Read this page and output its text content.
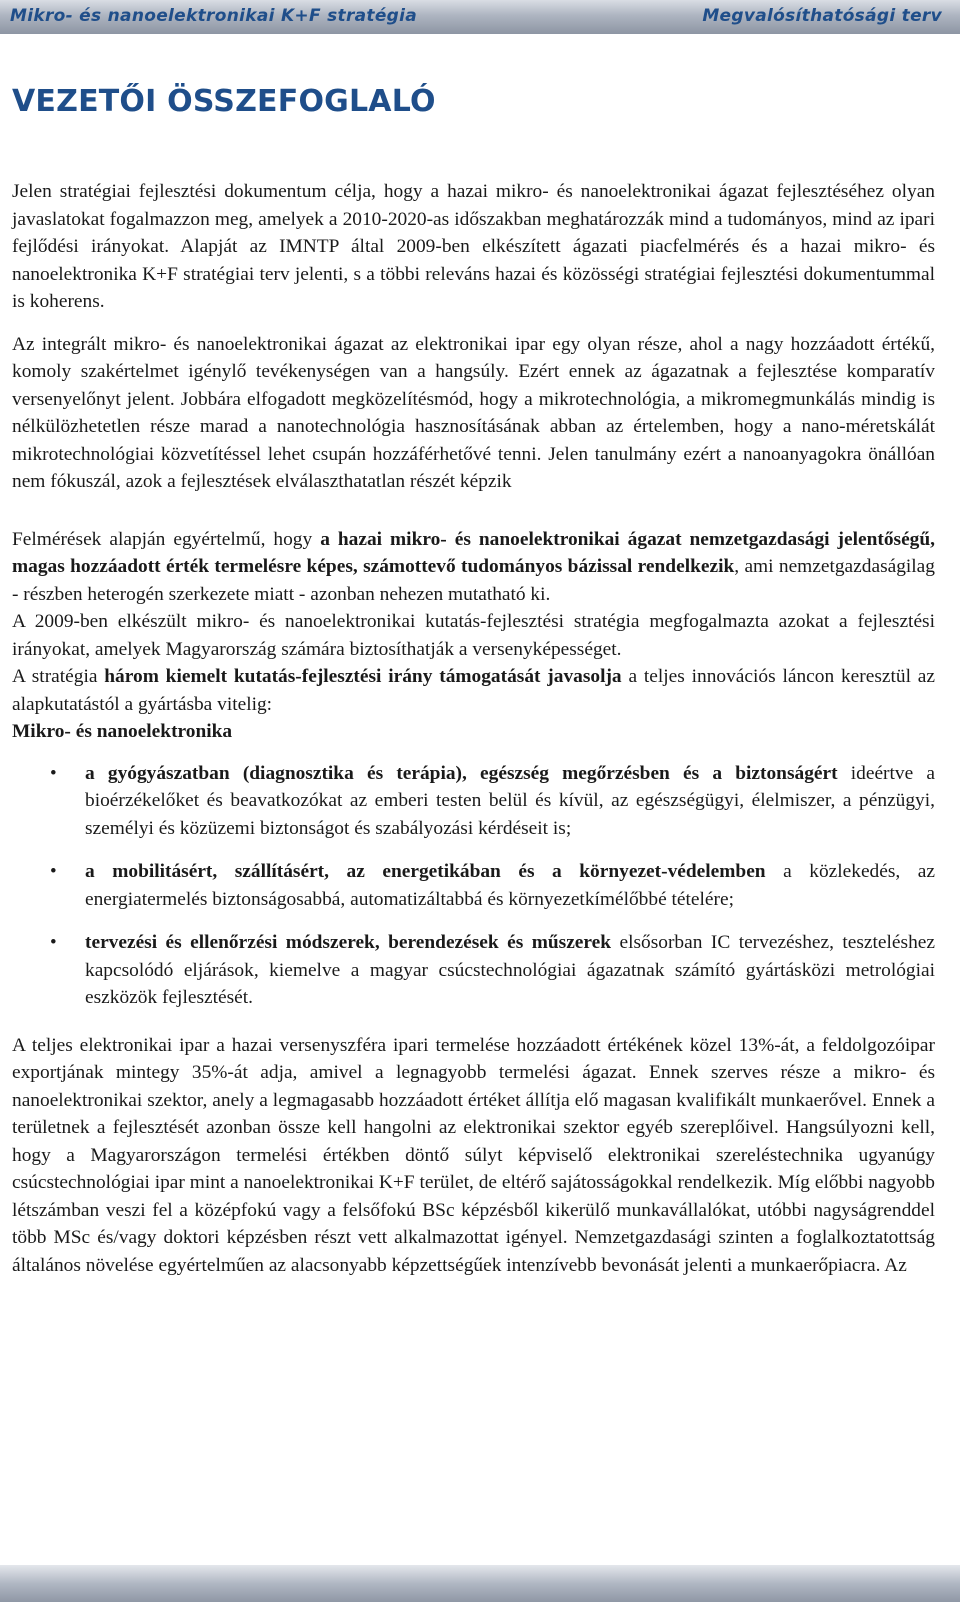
Mikro- és nanoelektronikai K+F stratégia	Megvalósíthatósági terv
VEZETŐI ÖSSZEFOGLALÓ

Jelen stratégiai fejlesztési dokumentum célja, hogy a hazai mikro- és nanoelektronikai ágazat fejlesztéséhez olyan javaslatokat fogalmazzon meg, amelyek a 2010-2020-as időszakban meghatározzák mind a tudományos, mind az ipari fejlődési irányokat. Alapját az IMNTP által 2009-ben elkészített ágazati piacfelmérés és a hazai mikro- és nanoelektronika K+F stratégiai terv jelenti, s a többi releváns hazai és közösségi stratégiai fejlesztési dokumentummal is koherens.

Az integrált mikro- és nanoelektronikai ágazat az elektronikai ipar egy olyan része, ahol a nagy hozzáadott értékű, komoly szakértelmet igénylő tevékenységen van a hangsúly. Ezért ennek az ágazatnak a fejlesztése komparatív versenyelőnyt jelent. Jobbára elfogadott megközelítésmód, hogy a mikrotechnológia, a mikromegmunkálás mindig is nélkülözhetetlen része marad a nanotechnológia hasznosításának abban az értelemben, hogy a nano-méretskálát mikrotechnológiai közvetítéssel lehet csupán hozzáférhetővé tenni. Jelen tanulmány ezért a nanoanyagokra önállóan nem fókuszál, azok a fejlesztések elválaszthatatlan részét képzik

Felmérések alapján egyértelmű, hogy a hazai mikro- és nanoelektronikai ágazat nemzetgazdasági jelentőségű, magas hozzáadott érték termelésre képes, számottevő tudományos bázissal rendelkezik, ami nemzetgazdaságilag - részben heterogén szerkezete miatt - azonban nehezen mutatható ki.

A 2009-ben elkészült mikro- és nanoelektronikai kutatás-fejlesztési stratégia megfogalmazta azokat a fejlesztési irányokat, amelyek Magyarország számára biztosíthatják a versenyképességet.

A stratégia három kiemelt kutatás-fejlesztési irány támogatását javasolja a teljes innovációs láncon keresztül az alapkutatástól a gyártásba vitelig:

Mikro- és nanoelektronika

• a gyógyászatban (diagnosztika és terápia), egészség megőrzésben és a biztonságért ideértve a bioérzékelőket és beavatkozókat az emberi testen belül és kívül, az egészségügyi, élelmiszer, a pénzügyi, személyi és közüzemi biztonságot és szabályozási kérdéseit is;
• a mobilitásért, szállításért, az energetikában és a környezet-védelemben a közlekedés, az energiatermelés biztonságosabbá, automatizáltabbá és környezetkímélőbbé tételére;
• tervezési és ellenőrzési módszerek, berendezések és műszerek elsősorban IC tervezéshez, teszteléshez kapcsolódó eljárások, kiemelve a magyar csúcstechnológiai ágazatnak számító gyártásközi metrológiai eszközök fejlesztését.

A teljes elektronikai ipar a hazai versenyszféra ipari termelése hozzáadott értékének közel 13%-át, a feldolgozóipar exportjának mintegy 35%-át adja, amivel a legnagyobb termelési ágazat. Ennek szerves része a mikro- és nanoelektronikai szektor, anely a legmagasabb hozzáadott értéket állítja elő magasan kvalifikált munkaerővel. Ennek a területnek a fejlesztését azonban össze kell hangolni az elektronikai szektor egyéb szereplőivel. Hangsúlyozni kell, hogy a Magyarországon termelési értékben döntő súlyt képviselő elektronikai szereléstechnika ugyanúgy csúcstechnológiai ipar mint a nanoelektronikai K+F terület, de eltérő sajátosságokkal rendelkezik. Míg előbbi nagyobb létszámban veszi fel a középfokú vagy a felsőfokú BSc képzésből kikerülő munkavállalókat, utóbbi nagyságrenddel több MSc és/vagy doktori képzésben részt vett alkalmazottat igényel. Nemzetgazdasági szinten a foglalkoztatottság általános növelése egyértelműen az alacsonyabb képzettségűek intenzívebb bevonását jelenti a munkaerőpiacra. Az
